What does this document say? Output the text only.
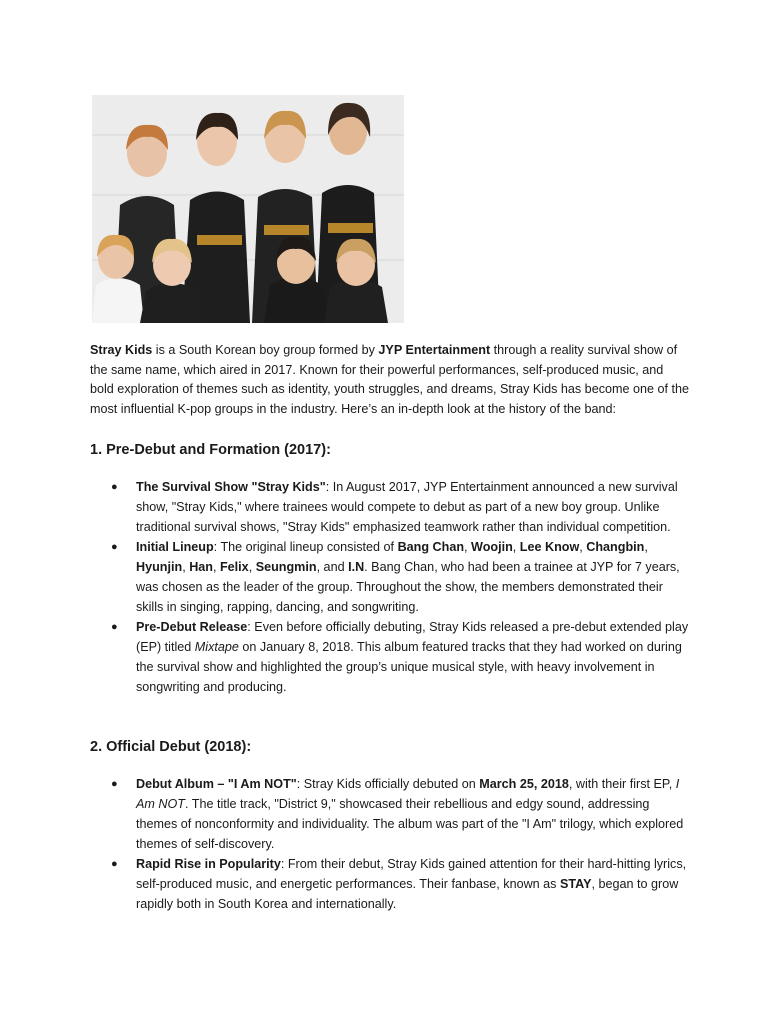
Stray Kids is a South Korean boy group formed by JYP Entertainment through a reality survival show of the same name, which aired in 2017. Known for their powerful performances, self-produced music, and bold exploration of themes such as identity, youth struggles, and dreams, Stray Kids has become one of the most influential K-pop groups in the industry. Here’s an in-depth look at the history of the band:

1. Pre-Debut and Formation (2017):
● The Survival Show "Stray Kids": In August 2017, JYP Entertainment announced a new survival show, "Stray Kids," where trainees would compete to debut as part of a new boy group. Unlike traditional survival shows, "Stray Kids" emphasized teamwork rather than individual competition.
● Initial Lineup: The original lineup consisted of Bang Chan, Woojin, Lee Know, Changbin, Hyunjin, Han, Felix, Seungmin, and I.N. Bang Chan, who had been a trainee at JYP for 7 years, was chosen as the leader of the group. Throughout the show, the members demonstrated their skills in singing, rapping, dancing, and songwriting.
● Pre-Debut Release: Even before officially debuting, Stray Kids released a pre-debut extended play (EP) titled Mixtape on January 8, 2018. This album featured tracks that they had worked on during the survival show and highlighted the group’s unique musical style, with heavy involvement in songwriting and producing.
2. Official Debut (2018):
● Debut Album – "I Am NOT": Stray Kids officially debuted on March 25, 2018, with their first EP, I Am NOT. The title track, "District 9," showcased their rebellious and edgy sound, addressing themes of nonconformity and individuality. The album was part of the "I Am" trilogy, which explored themes of self-discovery.
● Rapid Rise in Popularity: From their debut, Stray Kids gained attention for their hard-hitting lyrics, self-produced music, and energetic performances. Their fanbase, known as STAY, began to grow rapidly both in South Korea and internationally.
